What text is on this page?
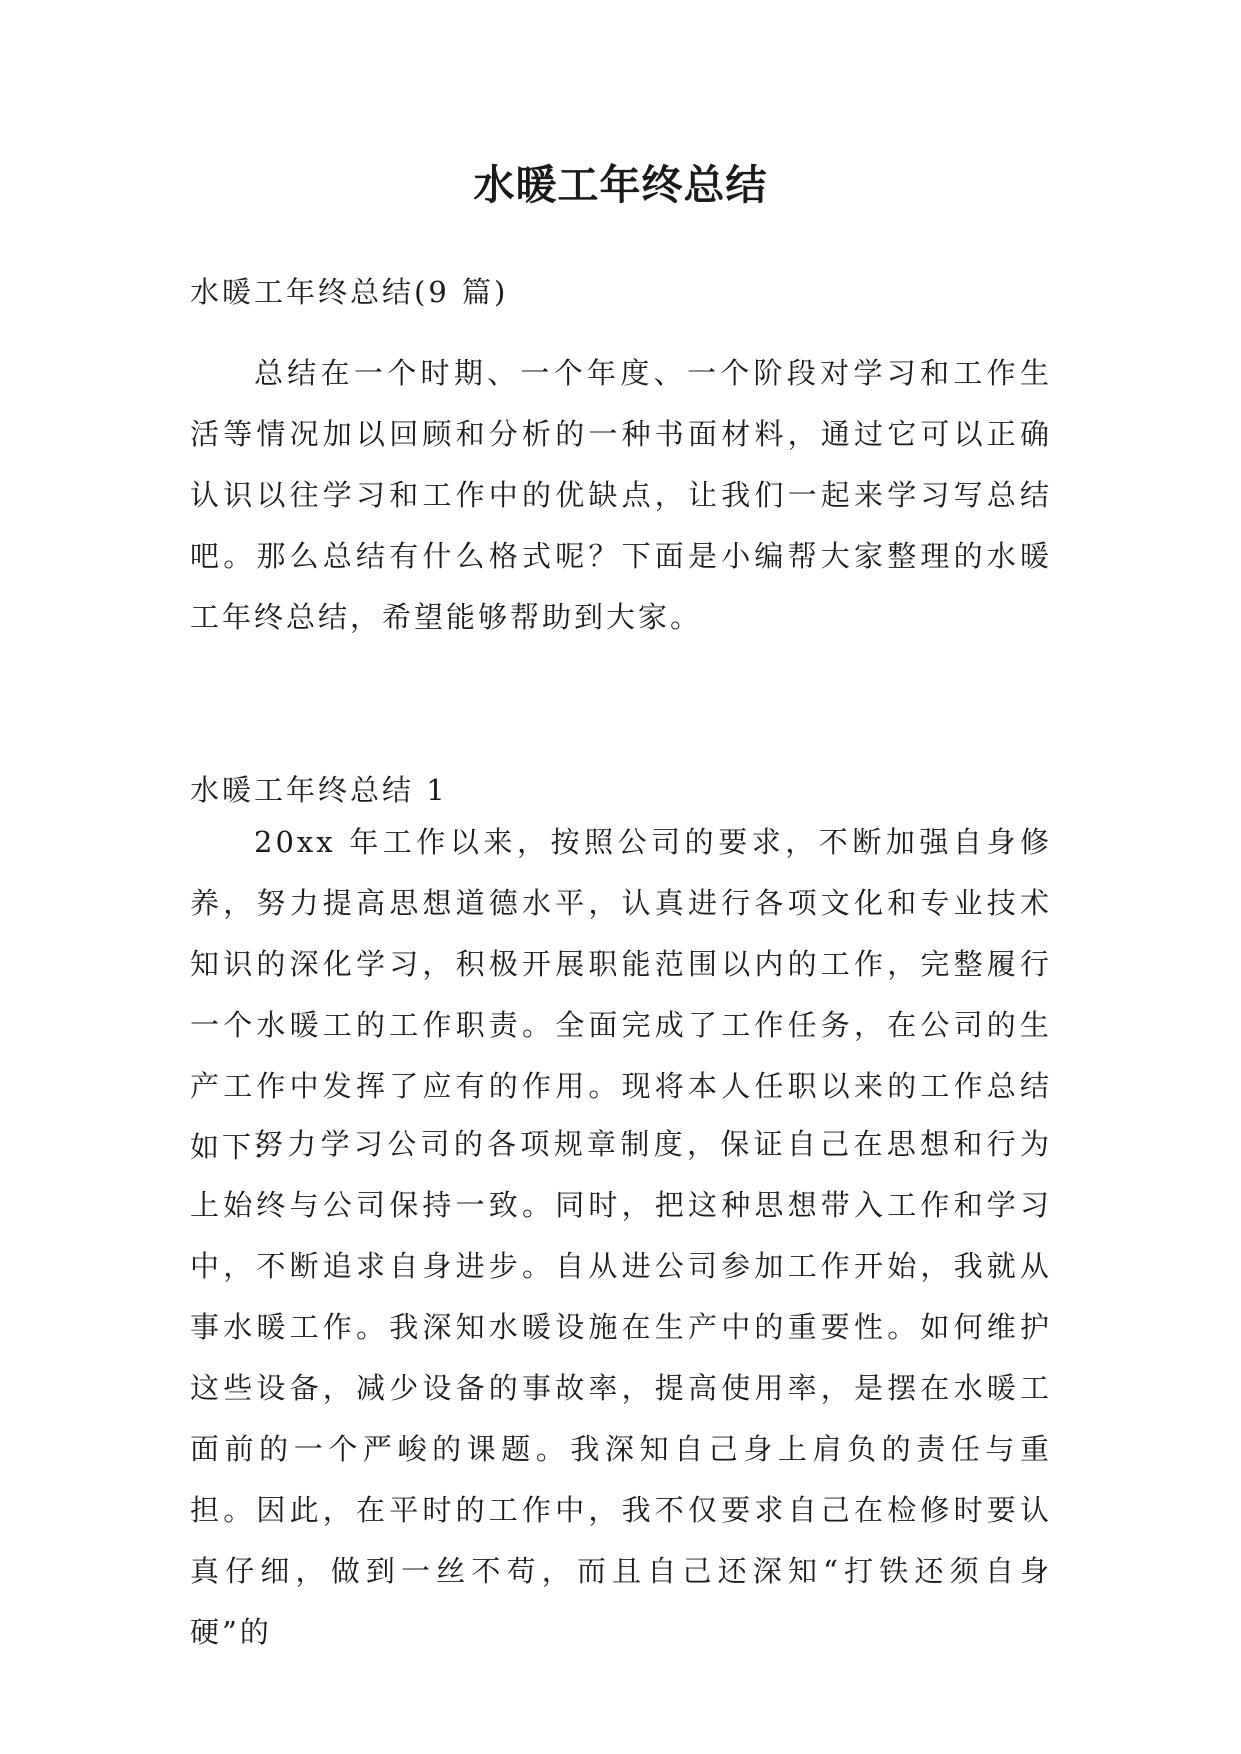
水暖工年终总结

水暖工年终总结(9 篇)

总结在一个时期、一个年度、一个阶段对学习和工作生活等情况加以回顾和分析的一种书面材料，通过它可以正确认识以往学习和工作中的优缺点，让我们一起来学习写总结吧。那么总结有什么格式呢？下面是小编帮大家整理的水暖工年终总结，希望能够帮助到大家。

水暖工年终总结 1

20xx 年工作以来，按照公司的要求，不断加强自身修养，努力提高思想道德水平，认真进行各项文化和专业技术知识的深化学习，积极开展职能范围以内的工作，完整履行一个水暖工的工作职责。全面完成了工作任务，在公司的生产工作中发挥了应有的作用。现将本人任职以来的工作总结如下:

努力学习公司的各项规章制度，保证自己在思想和行为上始终与公司保持一致。同时，把这种思想带入工作和学习中，不断追求自身进步。自从进公司参加工作开始，我就从事水暖工作。我深知水暖设施在生产中的重要性。如何维护这些设备，减少设备的事故率，提高使用率，是摆在水暖工面前的一个严峻的课题。我深知自己身上肩负的责任与重担。因此，在平时的工作中，我不仅要求自己在检修时要认真仔细，做到一丝不苟，而且自己还深知“打铁还须自身硬”的
